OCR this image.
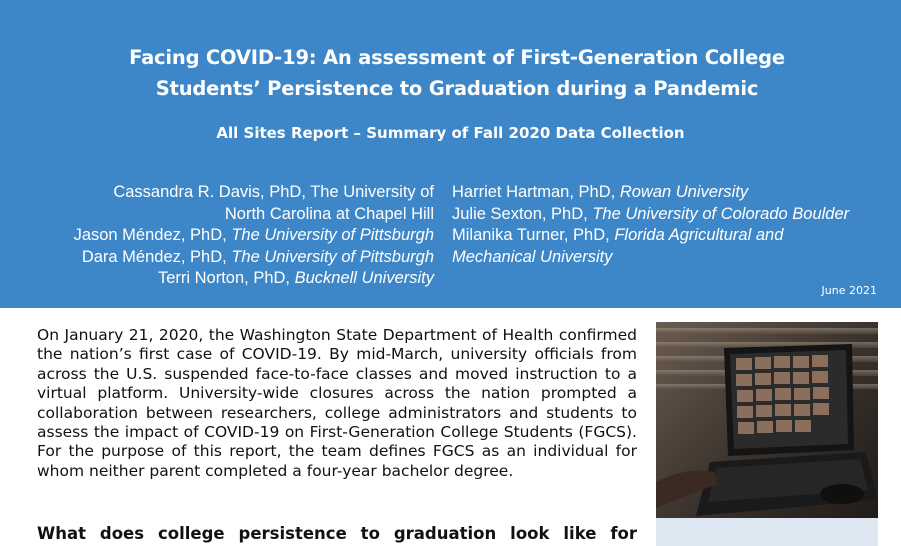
Facing COVID-19: An assessment of First-Generation College
Students’ Persistence to Graduation during a Pandemic
All Sites Report – Summary of Fall 2020 Data Collection
Cassandra R. Davis, PhD, The University of
North Carolina at Chapel Hill
Jason Méndez, PhD, The University of Pittsburgh
Dara Méndez, PhD, The University of Pittsburgh
Terri Norton, PhD, Bucknell University
Harriet Hartman, PhD, Rowan University
Julie Sexton, PhD, The University of Colorado Boulder
Milanika Turner, PhD, Florida Agricultural and
Mechanical University
June 2021
On January 21, 2020, the Washington State Department of Health confirmed the nation’s first case of COVID-19. By mid-March, university officials from across the U.S. suspended face-to-face classes and moved instruction to a virtual platform. University-wide closures across the nation prompted a collaboration between researchers, college administrators and students to assess the impact of COVID-19 on First-Generation College Students (FGCS). For the purpose of this report, the team defines FGCS as an individual for whom neither parent completed a four-year bachelor degree.
What does college persistence to graduation look like for
